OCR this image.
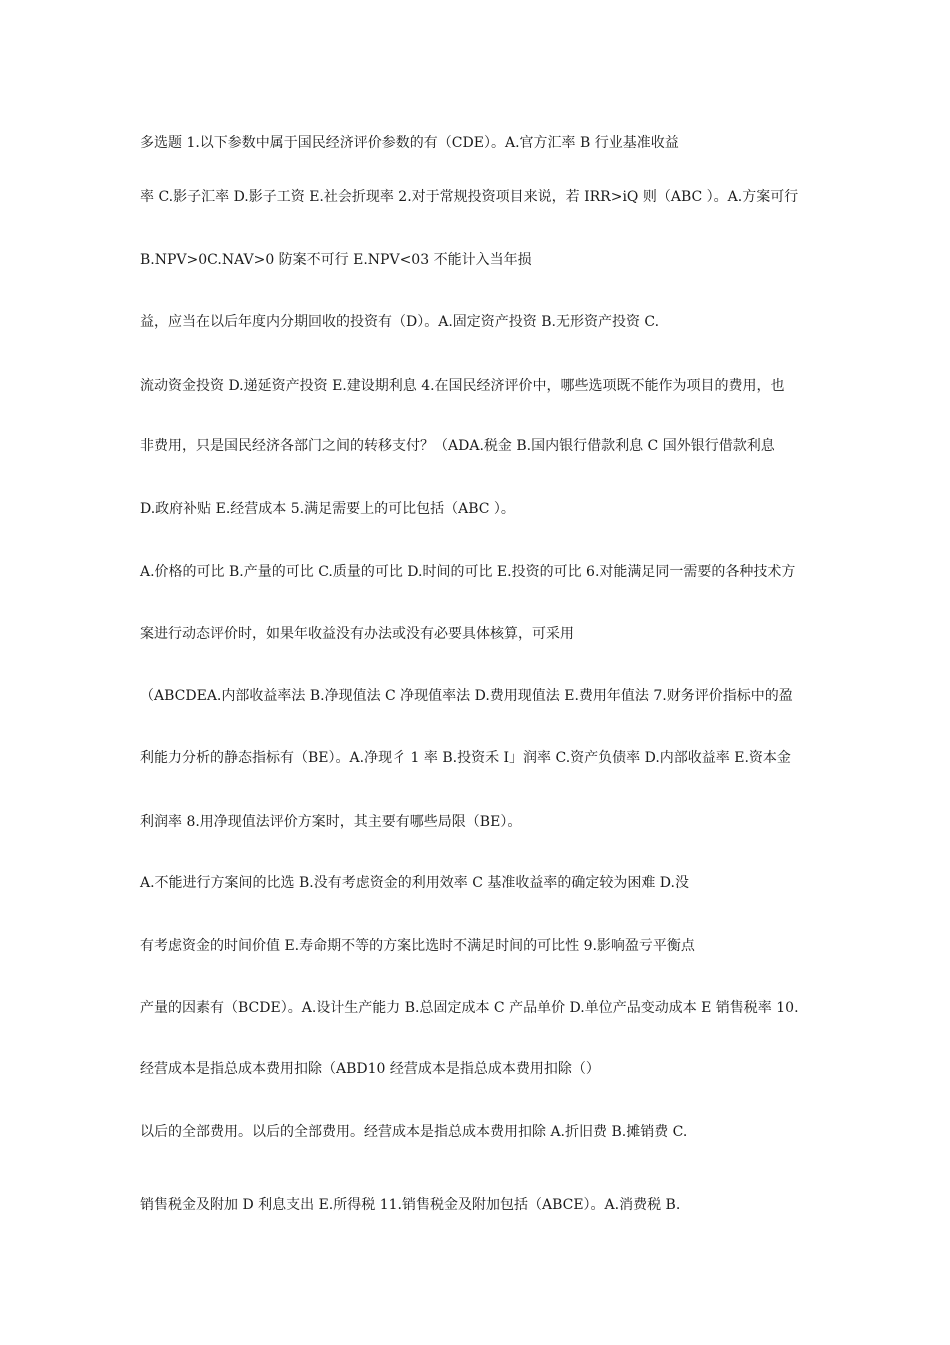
多选题 1.以下参数中属于国民经济评价参数的有（CDE）。A.官方汇率 B 行业基准收益
率 C.影子汇率 D.影子工资 E.社会折现率 2.对于常规投资项目来说，若 IRR>iQ 则（ABC ）。A.方案可行
B.NPV>0C.NAV>0 防案不可行 E.NPV<03 不能计入当年损
益，应当在以后年度内分期回收的投资有（D）。A.固定资产投资 B.无形资产投资 C.
流动资金投资 D.递延资产投资 E.建设期利息 4.在国民经济评价中，哪些选项既不能作为项目的费用，也
非费用，只是国民经济各部门之间的转移支付？（ADA.税金 B.国内银行借款利息 C 国外银行借款利息
D.政府补贴 E.经营成本 5.满足需要上的可比包括（ABC ）。
A.价格的可比 B.产量的可比 C.质量的可比 D.时间的可比 E.投资的可比 6.对能满足同一需要的各种技术方
案进行动态评价时，如果年收益没有办法或没有必要具体核算，可采用
（ABCDEA.内部收益率法 B.净现值法 C 净现值率法 D.费用现值法 E.费用年值法 7.财务评价指标中的盈
利能力分析的静态指标有（BE）。A.净现彳 1 率 B.投资禾 I」润率 C.资产负债率 D.内部收益率 E.资本金
利润率 8.用净现值法评价方案时，其主要有哪些局限（BE）。
A.不能进行方案间的比选 B.没有考虑资金的利用效率 C 基准收益率的确定较为困难 D.没
有考虑资金的时间价值 E.寿命期不等的方案比选时不满足时间的可比性 9.影响盈亏平衡点
产量的因素有（BCDE）。A.设计生产能力 B.总固定成本 C 产品单价 D.单位产品变动成本 E 销售税率 10.
经营成本是指总成本费用扣除（ABD10 经营成本是指总成本费用扣除（）
以后的全部费用。以后的全部费用。经营成本是指总成本费用扣除 A.折旧费 B.摊销费 C.
销售税金及附加 D 利息支出 E.所得税 11.销售税金及附加包括（ABCE）。A.消费税 B.
